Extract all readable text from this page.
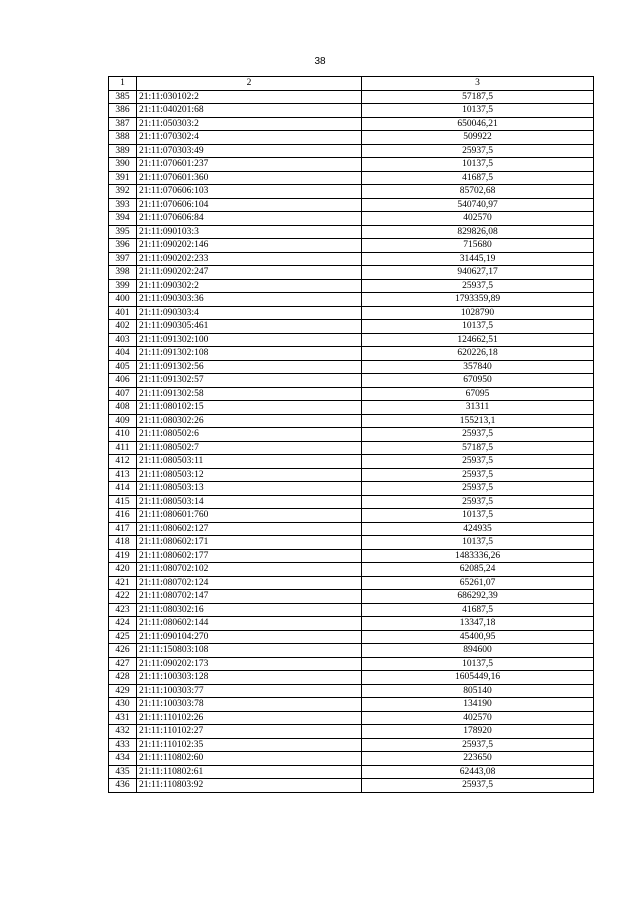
38
1	2	3
385	21:11:030102:2	57187,5
386	21:11:040201:68	10137,5
387	21:11:050303:2	650046,21
388	21:11:070302:4	509922
389	21:11:070303:49	25937,5
390	21:11:070601:237	10137,5
391	21:11:070601:360	41687,5
392	21:11:070606:103	85702,68
393	21:11:070606:104	540740,97
394	21:11:070606:84	402570
395	21:11:090103:3	829826,08
396	21:11:090202:146	715680
397	21:11:090202:233	31445,19
398	21:11:090202:247	940627,17
399	21:11:090302:2	25937,5
400	21:11:090303:36	1793359,89
401	21:11:090303:4	1028790
402	21:11:090305:461	10137,5
403	21:11:091302:100	124662,51
404	21:11:091302:108	620226,18
405	21:11:091302:56	357840
406	21:11:091302:57	670950
407	21:11:091302:58	67095
408	21:11:080102:15	31311
409	21:11:080302:26	155213,1
410	21:11:080502:6	25937,5
411	21:11:080502:7	57187,5
412	21:11:080503:11	25937,5
413	21:11:080503:12	25937,5
414	21:11:080503:13	25937,5
415	21:11:080503:14	25937,5
416	21:11:080601:760	10137,5
417	21:11:080602:127	424935
418	21:11:080602:171	10137,5
419	21:11:080602:177	1483336,26
420	21:11:080702:102	62085,24
421	21:11:080702:124	65261,07
422	21:11:080702:147	686292,39
423	21:11:080302:16	41687,5
424	21:11:080602:144	13347,18
425	21:11:090104:270	45400,95
426	21:11:150803:108	894600
427	21:11:090202:173	10137,5
428	21:11:100303:128	1605449,16
429	21:11:100303:77	805140
430	21:11:100303:78	134190
431	21:11:110102:26	402570
432	21:11:110102:27	178920
433	21:11:110102:35	25937,5
434	21:11:110802:60	223650
435	21:11:110802:61	62443,08
436	21:11:110803:92	25937,5
